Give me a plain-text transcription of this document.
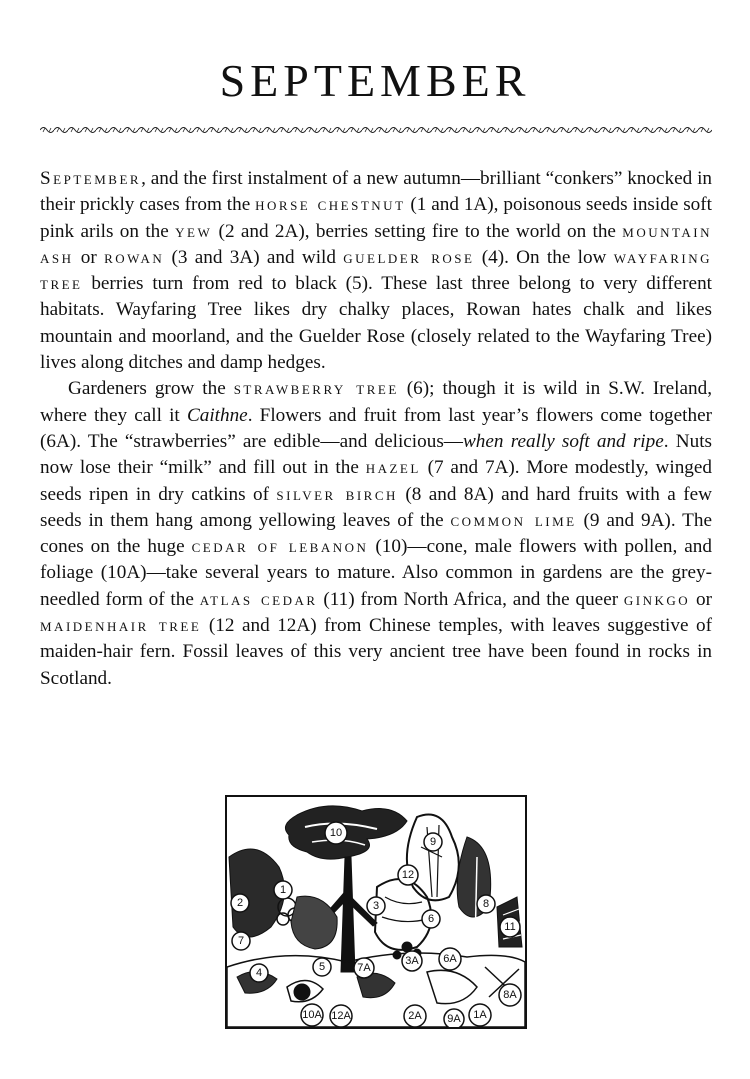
SEPTEMBER

September, and the first instalment of a new autumn—brilliant “conkers” knocked in their prickly cases from the horse chestnut (1 and 1A), poisonous seeds inside soft pink arils on the yew (2 and 2A), berries setting fire to the world on the mountain ash or rowan (3 and 3A) and wild guelder rose (4). On the low wayfaring tree berries turn from red to black (5). These last three belong to very different habitats. Wayfaring Tree likes dry chalky places, Rowan hates chalk and likes mountain and moorland, and the Guelder Rose (closely related to the Wayfaring Tree) lives along ditches and damp hedges.

Gardeners grow the strawberry tree (6); though it is wild in S.W. Ireland, where they call it Caithne. Flowers and fruit from last year’s flowers come together (6A). The “strawberries” are edible—and delicious—when really soft and ripe. Nuts now lose their “milk” and fill out in the hazel (7 and 7A). More modestly, winged seeds ripen in dry catkins of silver birch (8 and 8A) and hard fruits with a few seeds in them hang among yellowing leaves of the common lime (9 and 9A). The cones on the huge cedar of lebanon (10)—cone, male flowers with pollen, and foliage (10A)—take several years to mature. Also common in gardens are the grey-needled form of the atlas cedar (11) from North Africa, and the queer ginkgo or maidenhair tree (12 and 12A) from Chinese temples, with leaves suggestive of maiden-hair fern. Fossil leaves of this very ancient tree have been found in rocks in Scotland.

10
9
12
1
2	3	8
11
6
7
6A
3A
7A
5
4
8A
10A 12A	2A 9A 1A
